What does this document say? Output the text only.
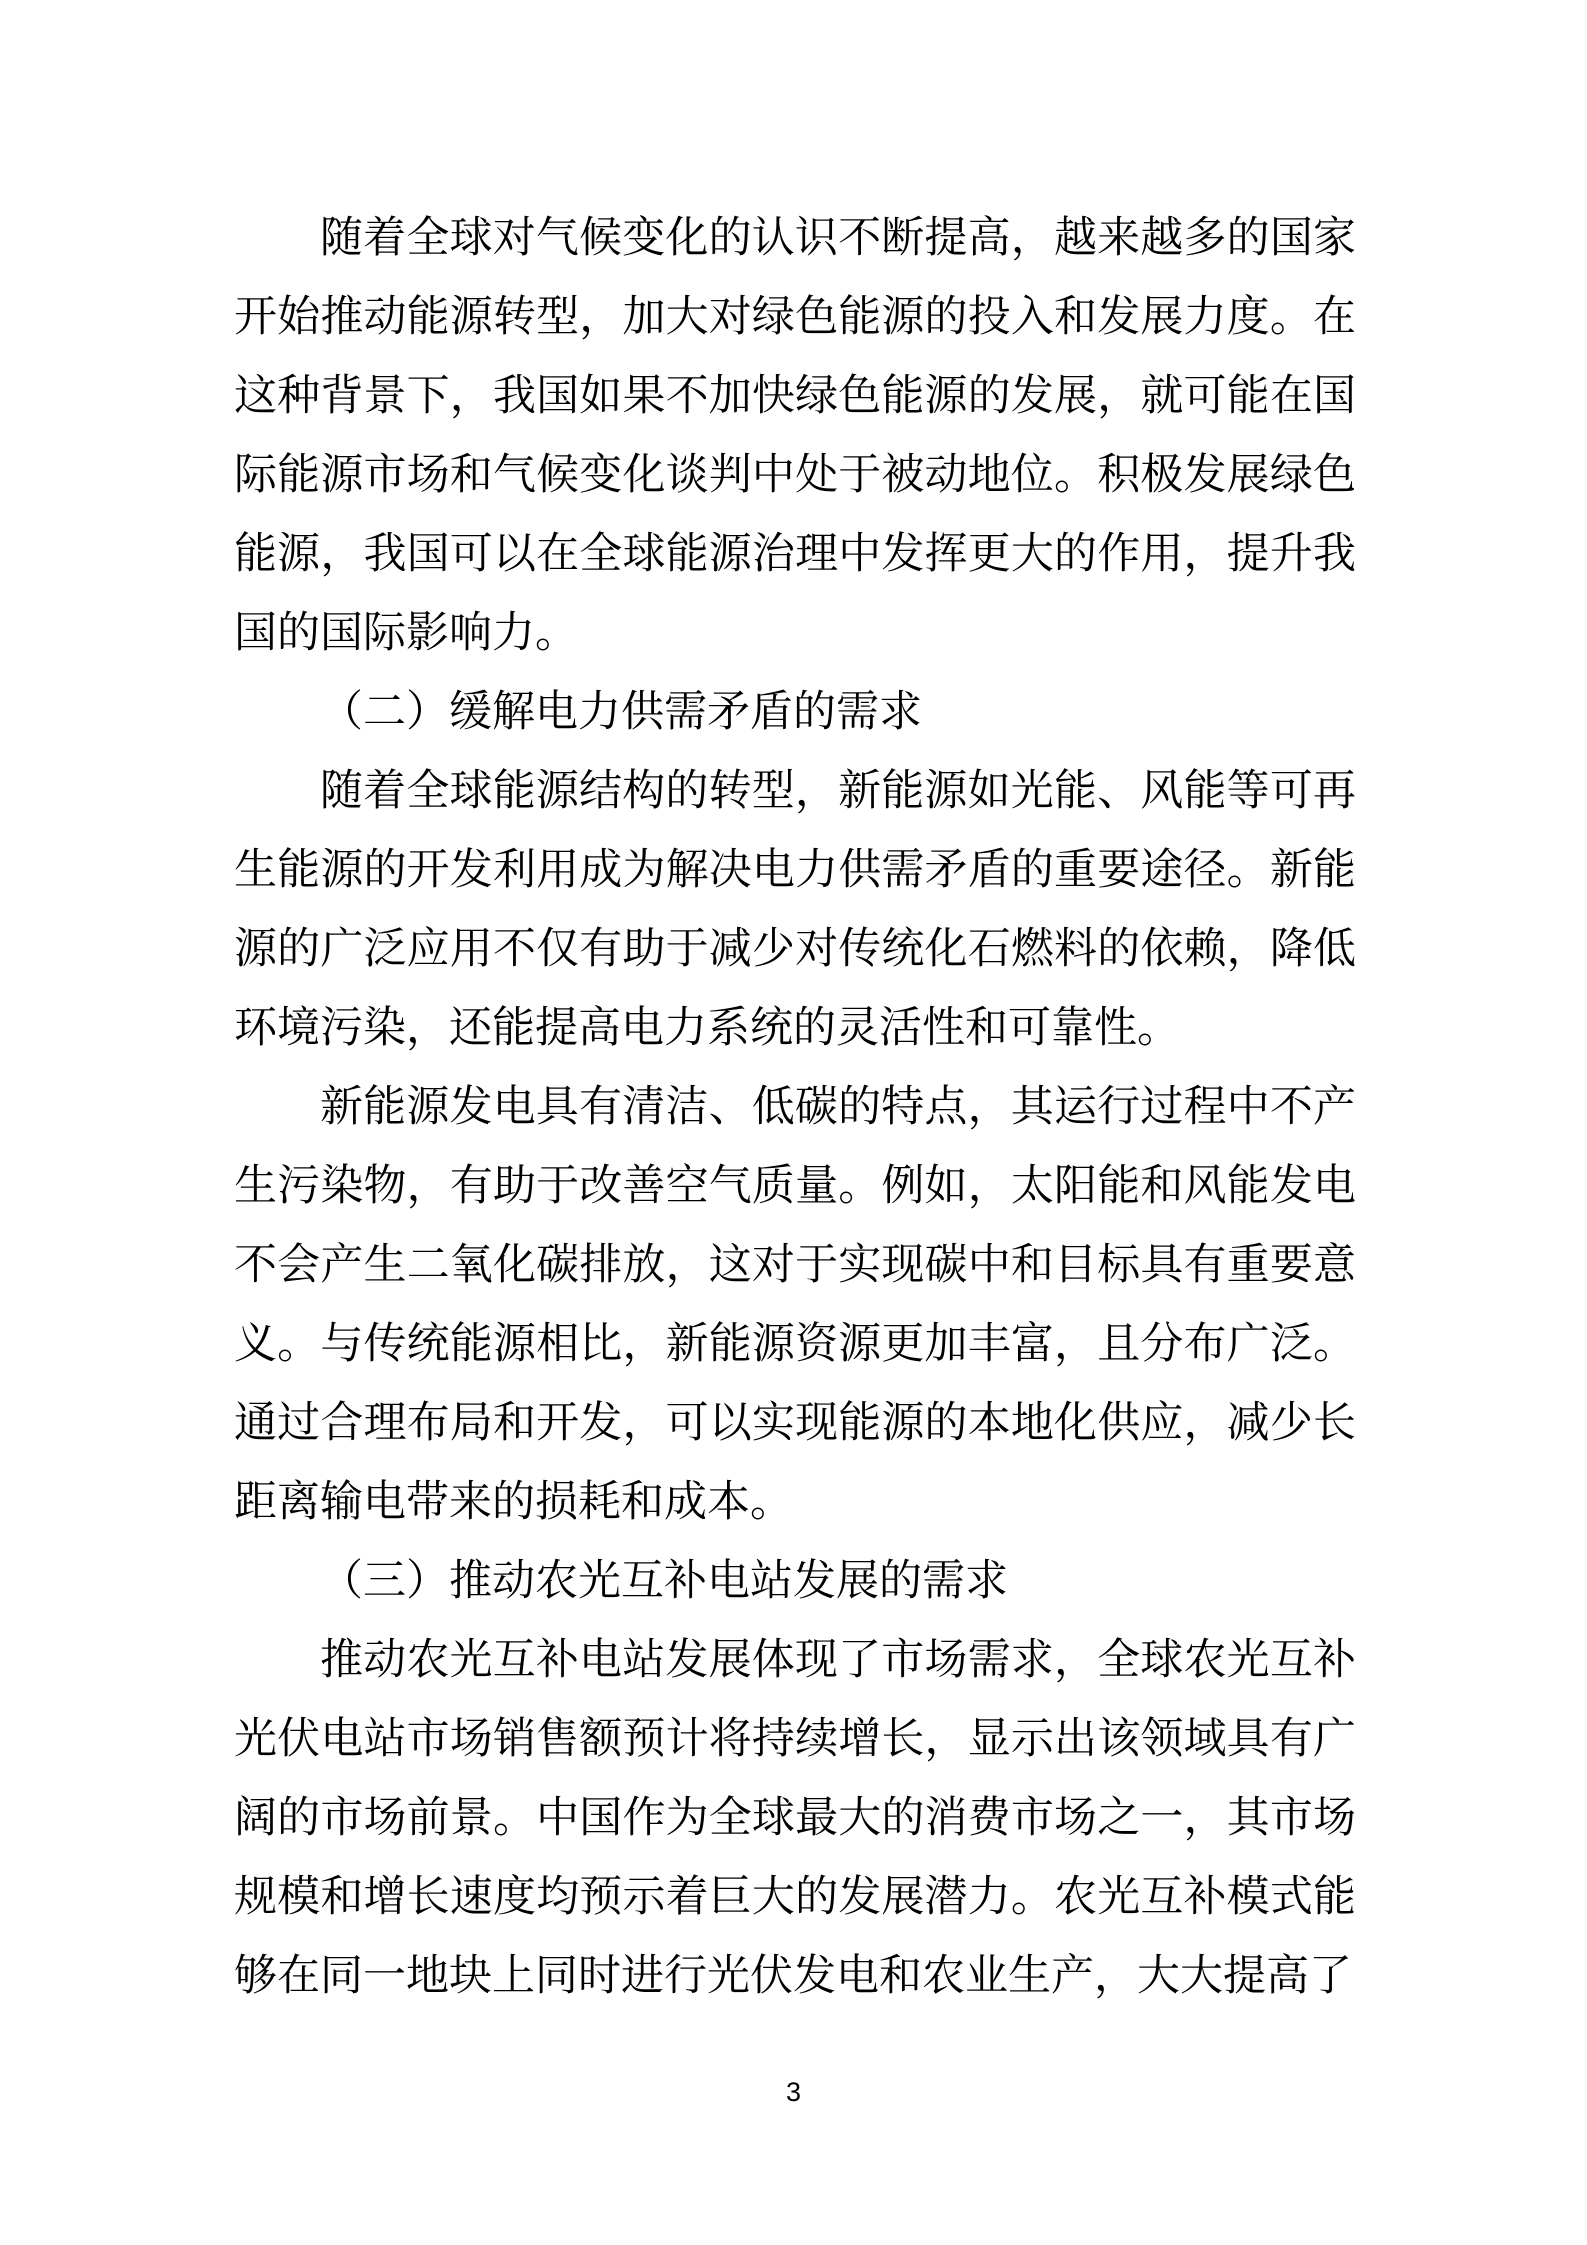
随着全球对气候变化的认识不断提高，越来越多的国家开始推动能源转型，加大对绿色能源的投入和发展力度。在这种背景下，我国如果不加快绿色能源的发展，就可能在国际能源市场和气候变化谈判中处于被动地位。积极发展绿色能源，我国可以在全球能源治理中发挥更大的作用，提升我国的国际影响力。

（二）缓解电力供需矛盾的需求

随着全球能源结构的转型，新能源如光能、风能等可再生能源的开发利用成为解决电力供需矛盾的重要途径。新能源的广泛应用不仅有助于减少对传统化石燃料的依赖，降低环境污染，还能提高电力系统的灵活性和可靠性。

新能源发电具有清洁、低碳的特点，其运行过程中不产生污染物，有助于改善空气质量。例如，太阳能和风能发电不会产生二氧化碳排放，这对于实现碳中和目标具有重要意义。与传统能源相比，新能源资源更加丰富，且分布广泛。通过合理布局和开发，可以实现能源的本地化供应，减少长距离输电带来的损耗和成本。

（三）推动农光互补电站发展的需求

推动农光互补电站发展体现了市场需求，全球农光互补光伏电站市场销售额预计将持续增长，显示出该领域具有广阔的市场前景。中国作为全球最大的消费市场之一，其市场规模和增长速度均预示着巨大的发展潜力。农光互补模式能够在同一地块上同时进行光伏发电和农业生产，大大提高了

3
